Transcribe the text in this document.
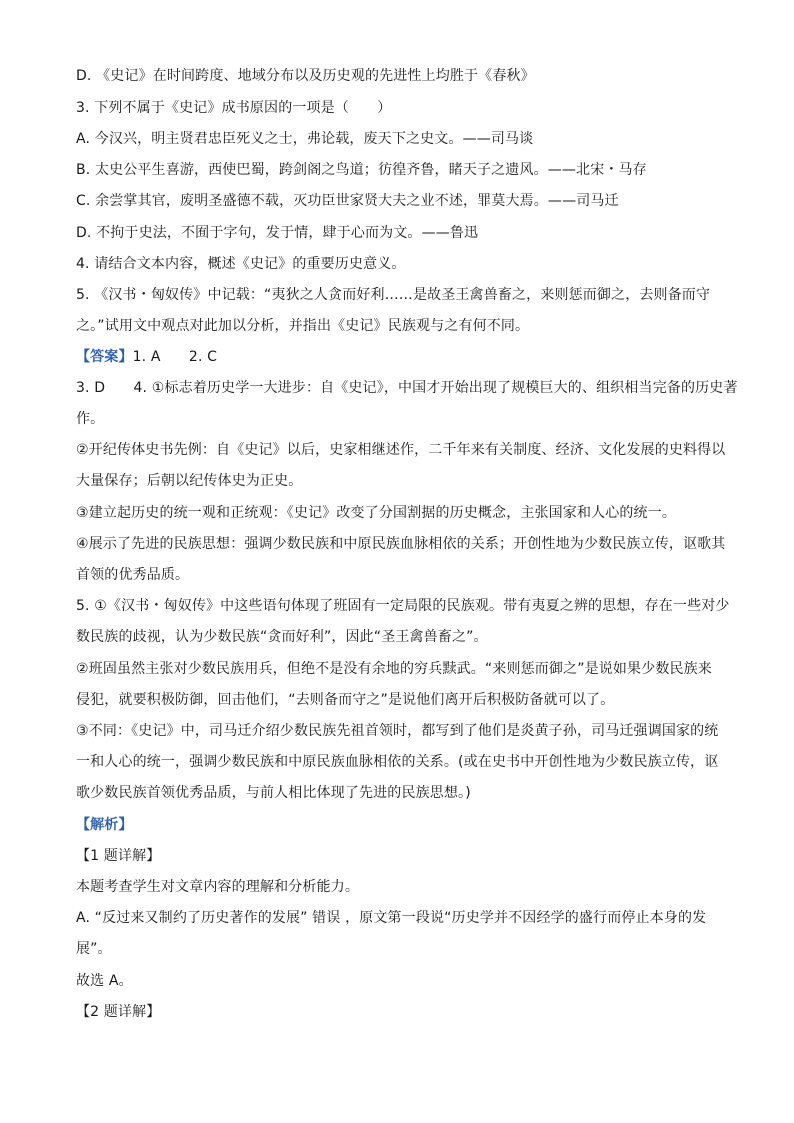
D. 《史记》在时间跨度、地域分布以及历史观的先进性上均胜于《春秋》
3. 下列不属于《史记》成书原因的一项是（　　）
A. 今汉兴，明主贤君忠臣死义之士，弗论载，废天下之史文。——司马谈
B. 太史公平生喜游，西使巴蜀，跨剑阁之鸟道；彷徨齐鲁，睹天子之遗风。——北宋・马存
C. 余尝掌其官，废明圣盛德不载，灭功臣世家贤大夫之业不述，罪莫大焉。——司马迁
D. 不拘于史法，不囿于字句，发于情，肆于心而为文。——鲁迅
4. 请结合文本内容，概述《史记》的重要历史意义。
5. 《汉书・匈奴传》中记载：“夷狄之人贪而好利……是故圣王禽兽畜之，来则惩而御之，去则备而守
之。”试用文中观点对此加以分析，并指出《史记》民族观与之有何不同。
【答案】1. A　　2. C
3. D　　4. ①标志着历史学一大进步：自《史记》，中国才开始出现了规模巨大的、组织相当完备的历史著
作。
②开纪传体史书先例：自《史记》以后，史家相继述作，二千年来有关制度、经济、文化发展的史料得以
大量保存；后朝以纪传体史为正史。
③建立起历史的统一观和正统观：《史记》改变了分国割据的历史概念，主张国家和人心的统一。
④展示了先进的民族思想：强调少数民族和中原民族血脉相依的关系；开创性地为少数民族立传，讴歌其
首领的优秀品质。
5. ①《汉书・匈奴传》中这些语句体现了班固有一定局限的民族观。带有夷夏之辨的思想，存在一些对少
数民族的歧视，认为少数民族“贪而好利”，因此“圣王禽兽畜之”。
②班固虽然主张对少数民族用兵，但绝不是没有余地的穷兵黩武。“来则惩而御之”是说如果少数民族来
侵犯，就要积极防御，回击他们，“去则备而守之”是说他们离开后积极防备就可以了。
③不同：《史记》中，司马迁介绍少数民族先祖首领时，都写到了他们是炎黄子孙，司马迁强调国家的统
一和人心的统一，强调少数民族和中原民族血脉相依的关系。(或在史书中开创性地为少数民族立传，讴
歌少数民族首领优秀品质，与前人相比体现了先进的民族思想。)
【解析】
【1 题详解】
本题考查学生对文章内容的理解和分析能力。
A. “反过来又制约了历史著作的发展” 错误 ，原文第一段说“历史学并不因经学的盛行而停止本身的发
展”。
故选 A。
【2 题详解】
